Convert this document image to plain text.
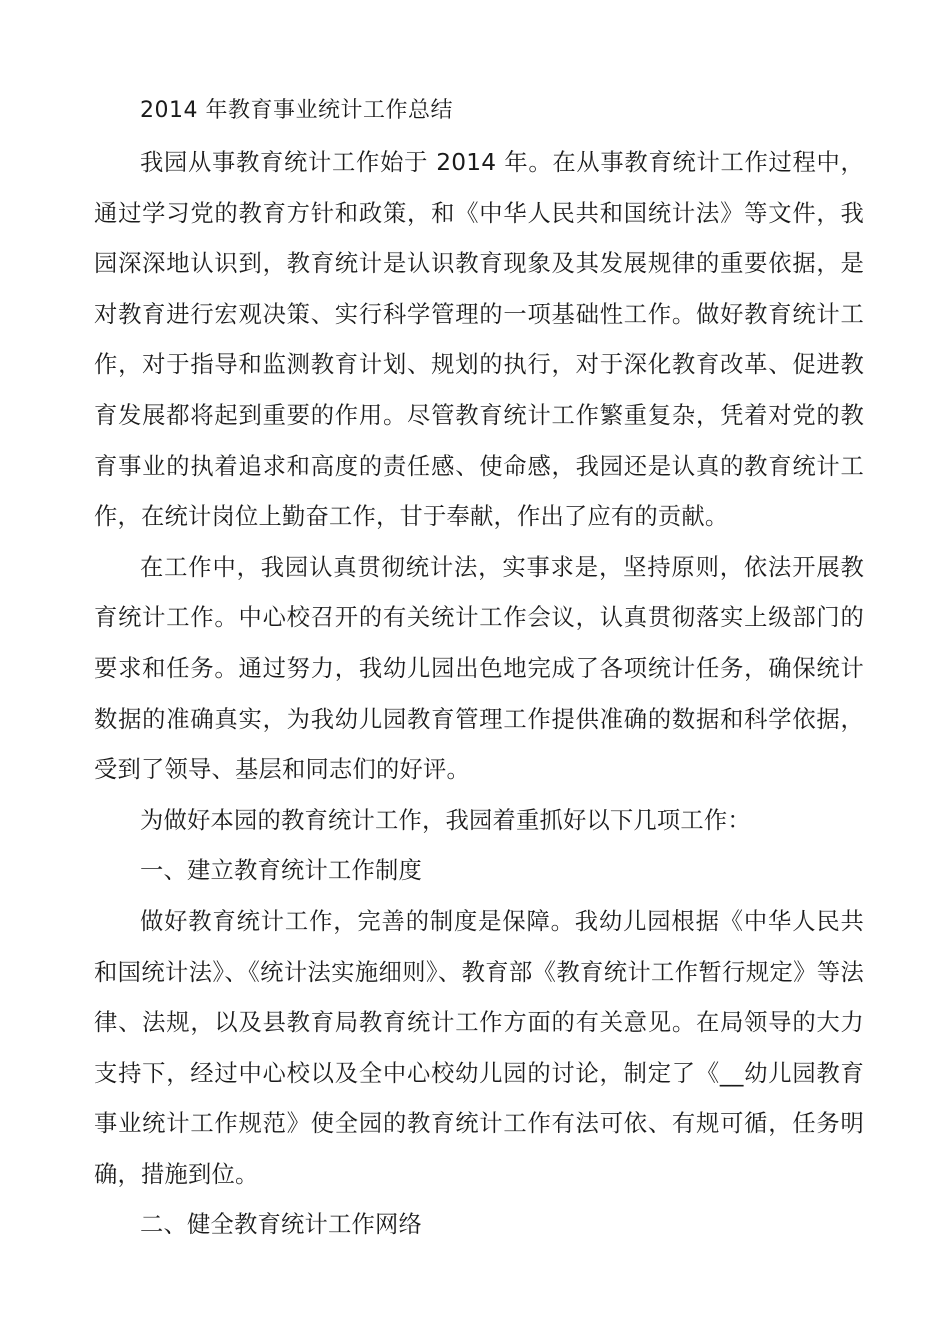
2014 年教育事业统计工作总结

我园从事教育统计工作始于 2014 年。在从事教育统计工作过程中，通过学习党的教育方针和政策，和《中华人民共和国统计法》等文件，我园深深地认识到，教育统计是认识教育现象及其发展规律的重要依据，是对教育进行宏观决策、实行科学管理的一项基础性工作。做好教育统计工作，对于指导和监测教育计划、规划的执行，对于深化教育改革、促进教育发展都将起到重要的作用。尽管教育统计工作繁重复杂，凭着对党的教育事业的执着追求和高度的责任感、使命感，我园还是认真的教育统计工作，在统计岗位上勤奋工作，甘于奉献，作出了应有的贡献。

在工作中，我园认真贯彻统计法，实事求是，坚持原则，依法开展教育统计工作。中心校召开的有关统计工作会议，认真贯彻落实上级部门的要求和任务。通过努力，我幼儿园出色地完成了各项统计任务，确保统计数据的准确真实，为我幼儿园教育管理工作提供准确的数据和科学依据，受到了领导、基层和同志们的好评。

为做好本园的教育统计工作，我园着重抓好以下几项工作：

一、建立教育统计工作制度

做好教育统计工作，完善的制度是保障。我幼儿园根据《中华人民共和国统计法》、《统计法实施细则》、教育部《教育统计工作暂行规定》等法律、法规，以及县教育局教育统计工作方面的有关意见。在局领导的大力支持下，经过中心校以及全中心校幼儿园的讨论，制定了《__幼儿园教育事业统计工作规范》使全园的教育统计工作有法可依、有规可循，任务明确，措施到位。

二、健全教育统计工作网络
